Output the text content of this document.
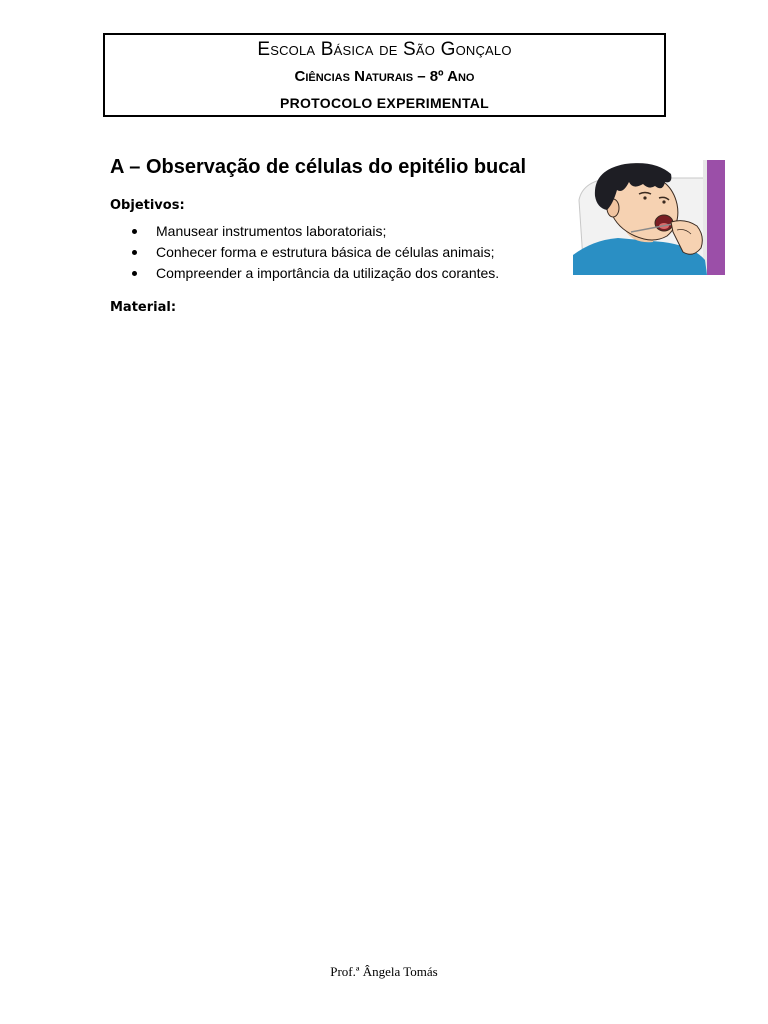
Escola Básica de São Gonçalo
Ciências Naturais – 8º Ano
PROTOCOLO EXPERIMENTAL
A – Observação de células do epitélio bucal
Objetivos:
Manusear instrumentos laboratoriais;
Conhecer forma e estrutura básica de células animais;
Compreender a importância da utilização dos corantes.
Material:
Prof.ª Ângela Tomás
